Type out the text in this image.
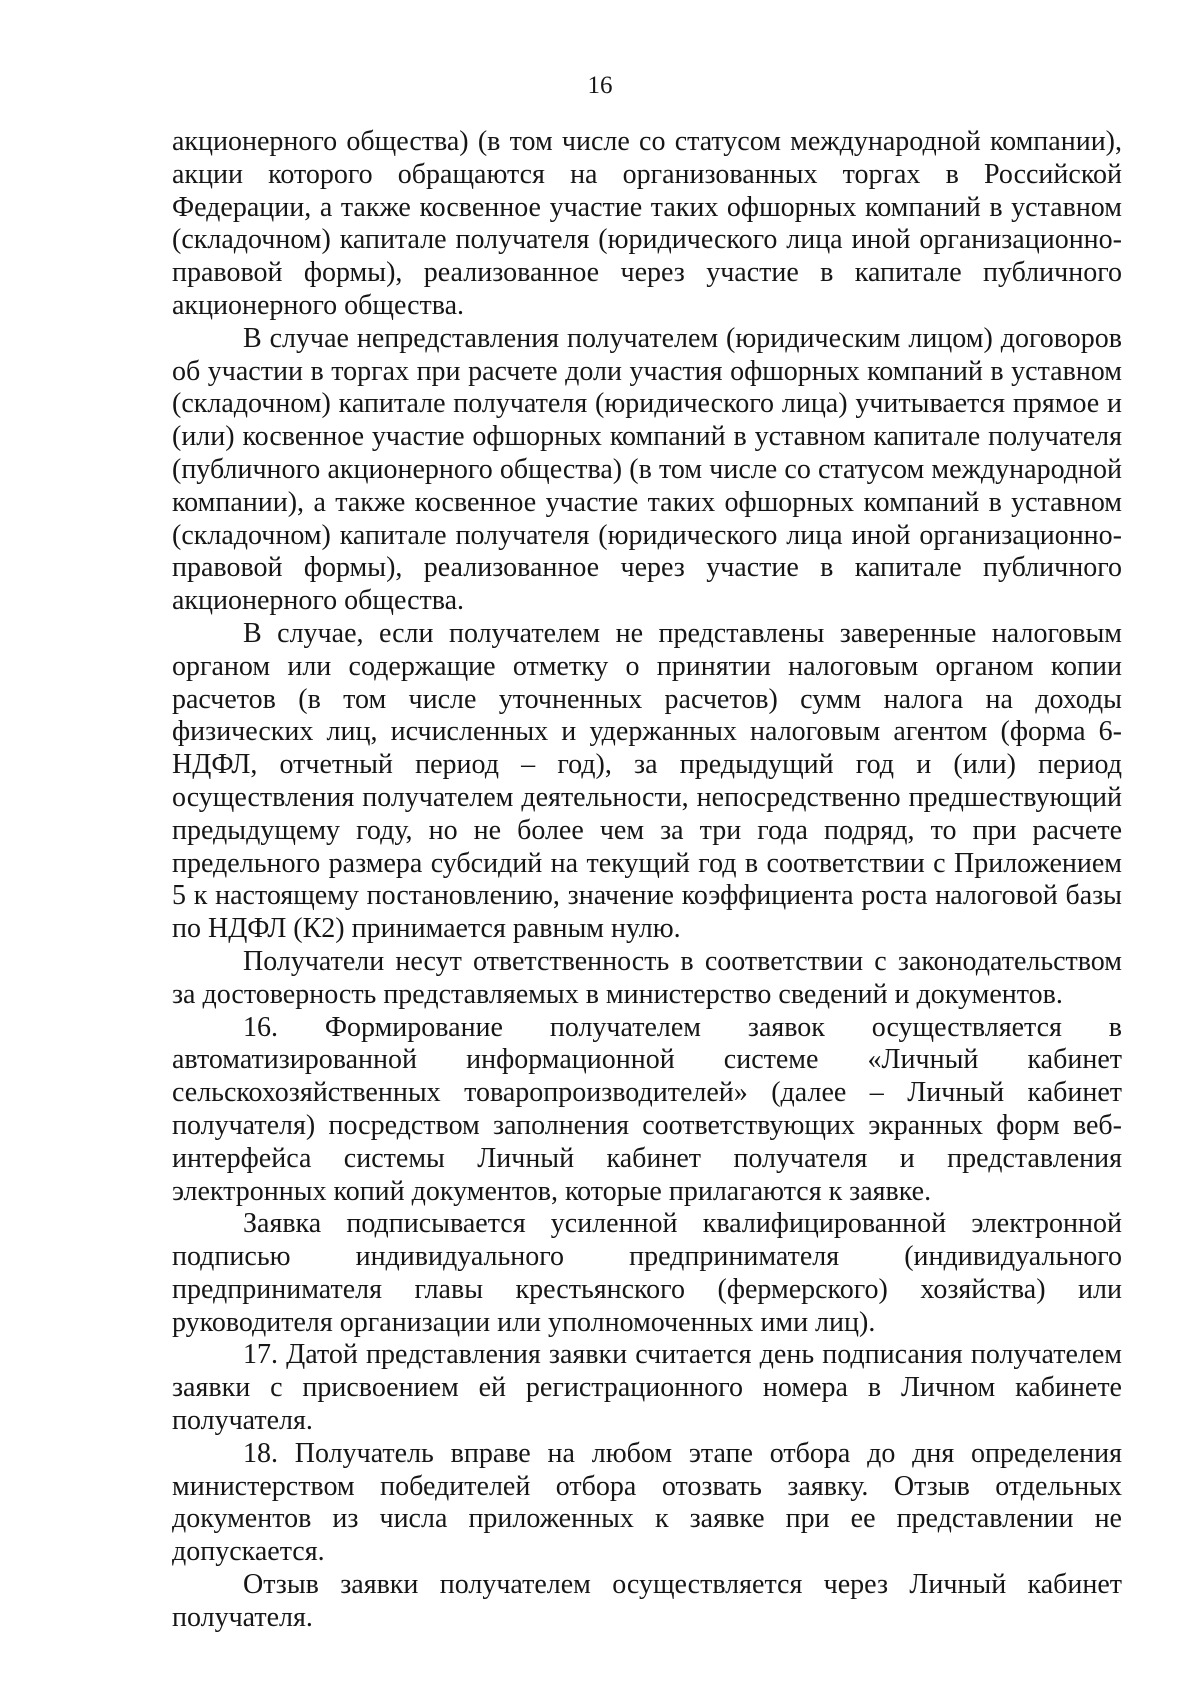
16

акционерного общества) (в том числе со статусом международной компании), акции которого обращаются на организованных торгах в Российской Федерации, а также косвенное участие таких офшорных компаний в уставном (складочном) капитале получателя (юридического лица иной организационно-правовой формы), реализованное через участие в капитале публичного акционерного общества.

В случае непредставления получателем (юридическим лицом) договоров об участии в торгах при расчете доли участия офшорных компаний в уставном (складочном) капитале получателя (юридического лица) учитывается прямое и (или) косвенное участие офшорных компаний в уставном капитале получателя (публичного акционерного общества) (в том числе со статусом международной компании), а также косвенное участие таких офшорных компаний в уставном (складочном) капитале получателя (юридического лица иной организационно-правовой формы), реализованное через участие в капитале публичного акционерного общества.

В случае, если получателем не представлены заверенные налоговым органом или содержащие отметку о принятии налоговым органом копии расчетов (в том числе уточненных расчетов) сумм налога на доходы физических лиц, исчисленных и удержанных налоговым агентом (форма 6-НДФЛ, отчетный период – год), за предыдущий год и (или) период осуществления получателем деятельности, непосредственно предшествующий предыдущему году, но не более чем за три года подряд, то при расчете предельного размера субсидий на текущий год в соответствии с Приложением 5 к настоящему постановлению, значение коэффициента роста налоговой базы по НДФЛ (К2) принимается равным нулю.

Получатели несут ответственность в соответствии с законодательством за достоверность представляемых в министерство сведений и документов.

16. Формирование получателем заявок осуществляется в автоматизированной информационной системе «Личный кабинет сельскохозяйственных товаропроизводителей» (далее – Личный кабинет получателя) посредством заполнения соответствующих экранных форм веб-интерфейса системы Личный кабинет получателя и представления электронных копий документов, которые прилагаются к заявке.

Заявка подписывается усиленной квалифицированной электронной подписью индивидуального предпринимателя (индивидуального предпринимателя главы крестьянского (фермерского) хозяйства) или руководителя организации или уполномоченных ими лиц).

17. Датой представления заявки считается день подписания получателем заявки с присвоением ей регистрационного номера в Личном кабинете получателя.

18. Получатель вправе на любом этапе отбора до дня определения министерством победителей отбора отозвать заявку. Отзыв отдельных документов из числа приложенных к заявке при ее представлении не допускается.

Отзыв заявки получателем осуществляется через Личный кабинет получателя.
